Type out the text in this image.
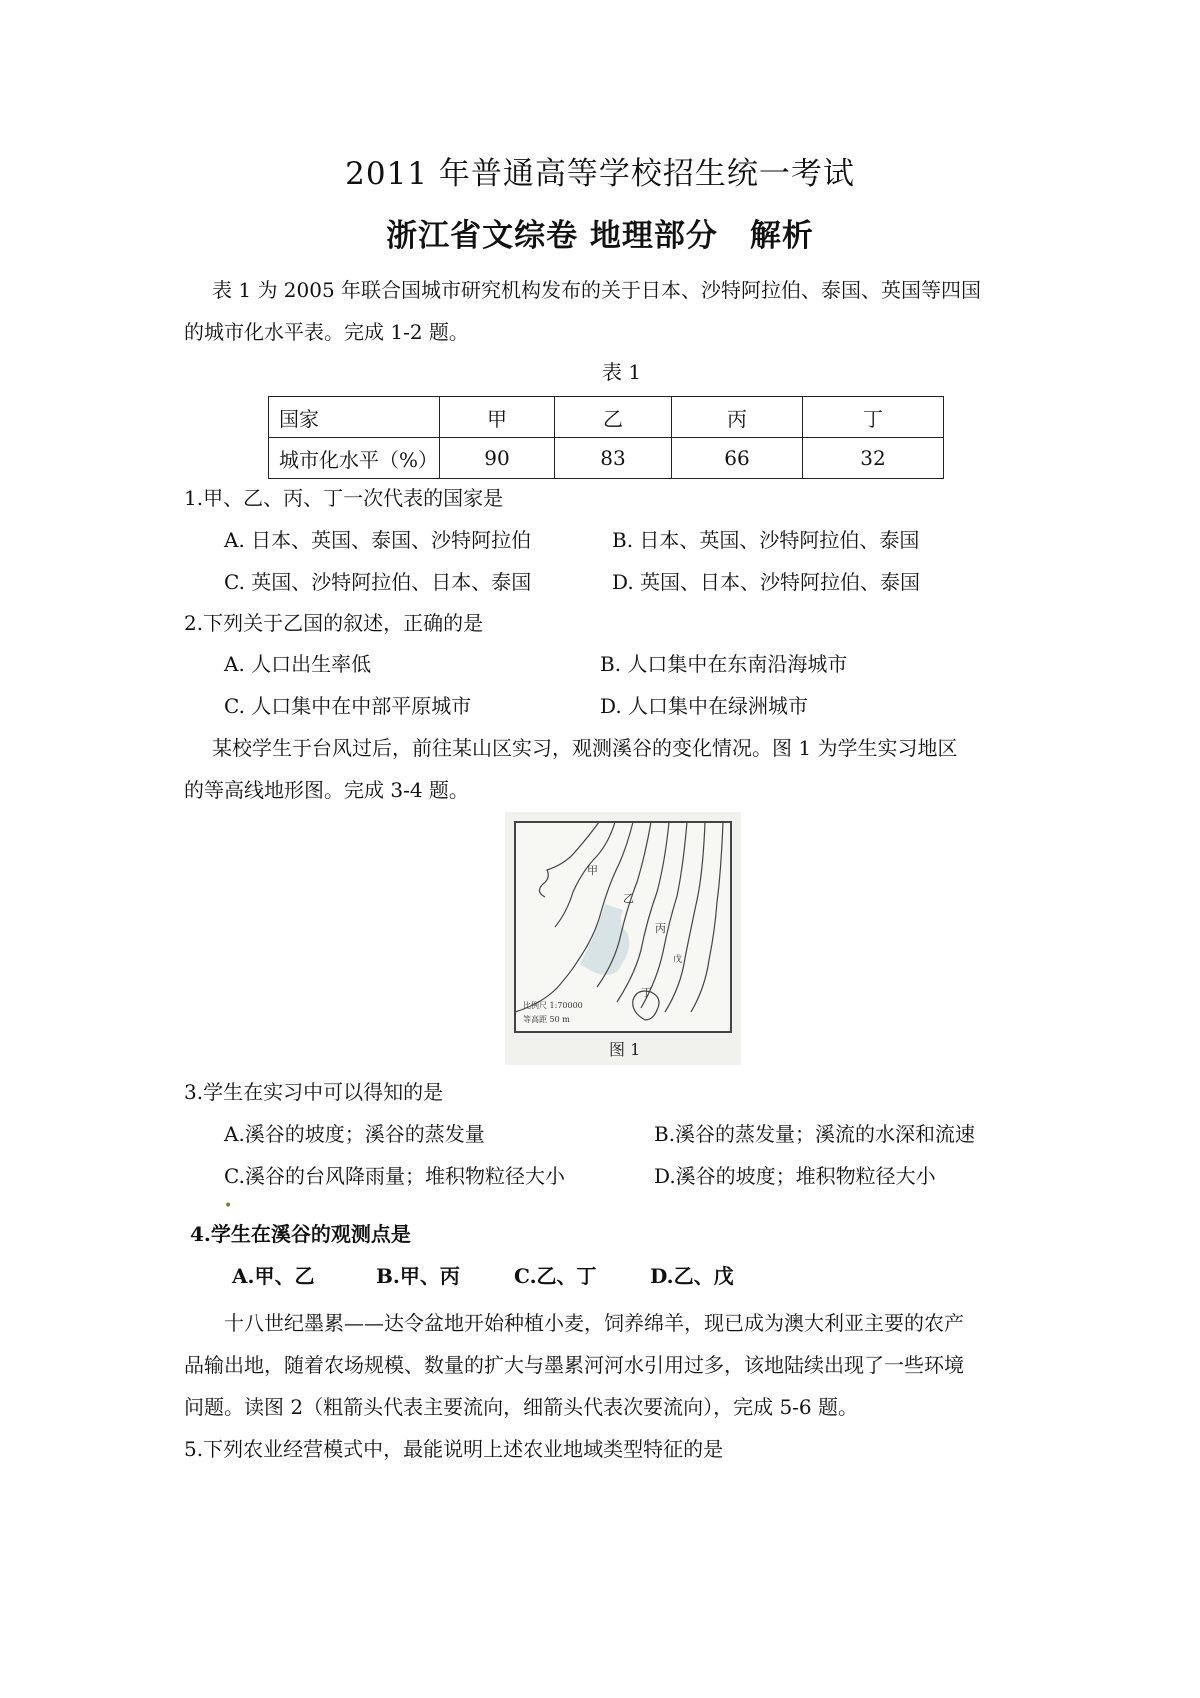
2011 年普通高等学校招生统一考试
浙江省文综卷 地理部分　解析
表 1 为 2005 年联合国城市研究机构发布的关于日本、沙特阿拉伯、泰国、英国等四国
的城市化水平表。完成 1-2 题。
表 1
国家	甲	乙	丙	丁
城市化水平（%）	90	83	66	32
1.甲、乙、丙、丁一次代表的国家是
A. 日本、英国、泰国、沙特阿拉伯	B. 日本、英国、沙特阿拉伯、泰国
C. 英国、沙特阿拉伯、日本、泰国	D. 英国、日本、沙特阿拉伯、泰国
2.下列关于乙国的叙述，正确的是
A. 人口出生率低	B. 人口集中在东南沿海城市
C. 人口集中在中部平原城市	D. 人口集中在绿洲城市
某校学生于台风过后，前往某山区实习，观测溪谷的变化情况。图 1 为学生实习地区
的等高线地形图。完成 3-4 题。
甲
乙
丙
丁
戊
比例尺 1:70000
等高距 50 m
图 1
3.学生在实习中可以得知的是
A.溪谷的坡度；溪谷的蒸发量	B.溪谷的蒸发量；溪流的水深和流速
C.溪谷的台风降雨量；堆积物粒径大小	D.溪谷的坡度；堆积物粒径大小
•
4.学生在溪谷的观测点是
A.甲、乙	B.甲、丙	C.乙、丁	D.乙、戊
十八世纪墨累——达令盆地开始种植小麦，饲养绵羊，现已成为澳大利亚主要的农产
品输出地，随着农场规模、数量的扩大与墨累河河水引用过多，该地陆续出现了一些环境
问题。读图 2（粗箭头代表主要流向，细箭头代表次要流向），完成 5-6 题。
5.下列农业经营模式中，最能说明上述农业地域类型特征的是
